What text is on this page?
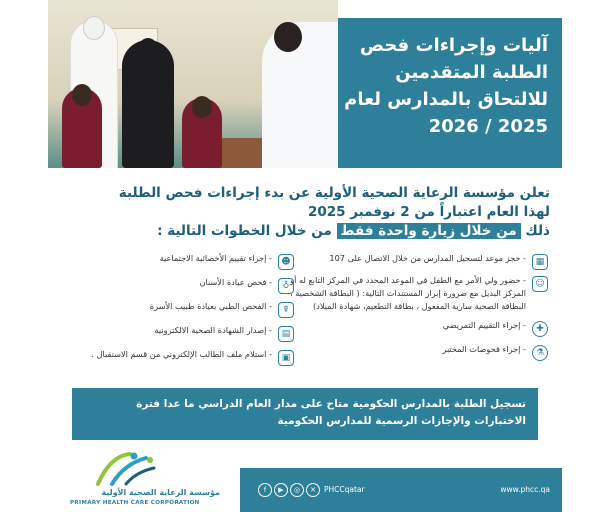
آليات وإجراءات فحص الطلبة المتقدمين للالتحاق بالمدارس لعام 2025 / 2026

تعلن مؤسسة الرعاية الصحية الأولية عن بدء إجراءات فحص الطلبة
لهذا العام اعتباراً من 2 نوفمبر 2025
ذلك من خلال زيارة واحدة فقط من خلال الخطوات التالية :

▦
- حجز موعد لتسجيل المدارس من خلال الاتصال على 107
☺
- حضور ولي الأمر مع الطفل في الموعد المحدد في المركز التابع له أو المركز البديل مع ضرورة إبراز المستندات التالية: ( البطاقة الشخصية ، البطاقة الصحية سارية المفعول ، بطاقة التطعيم، شهادة الميلاد)
✚
- إجراء التقييم التمريضي
⚗
- إجراء فحوصات المختبر
☻
- إجراء تقييم الأخصائية الاجتماعية
♁
- فحص عيادة الأسنان
☤
- الفحص الطبي بعيادة طبيب الأسرة
▤
- إصدار الشهادة الصحية الالكترونية
▣
- استلام ملف الطالب الإلكتروني من قسم الاستقبال .

تسجيل الطلبة بالمدارس الحكومية متاح على مدار العام الدراسي ما عدا فترة الاختبارات والإجازات الرسمية للمدارس الحكومية

مؤسسة الرعاية الصحية الأولية
PRIMARY HEALTH CARE CORPORATION
f	▶	◎	✕	PHCCqatar	www.phcc.qa
